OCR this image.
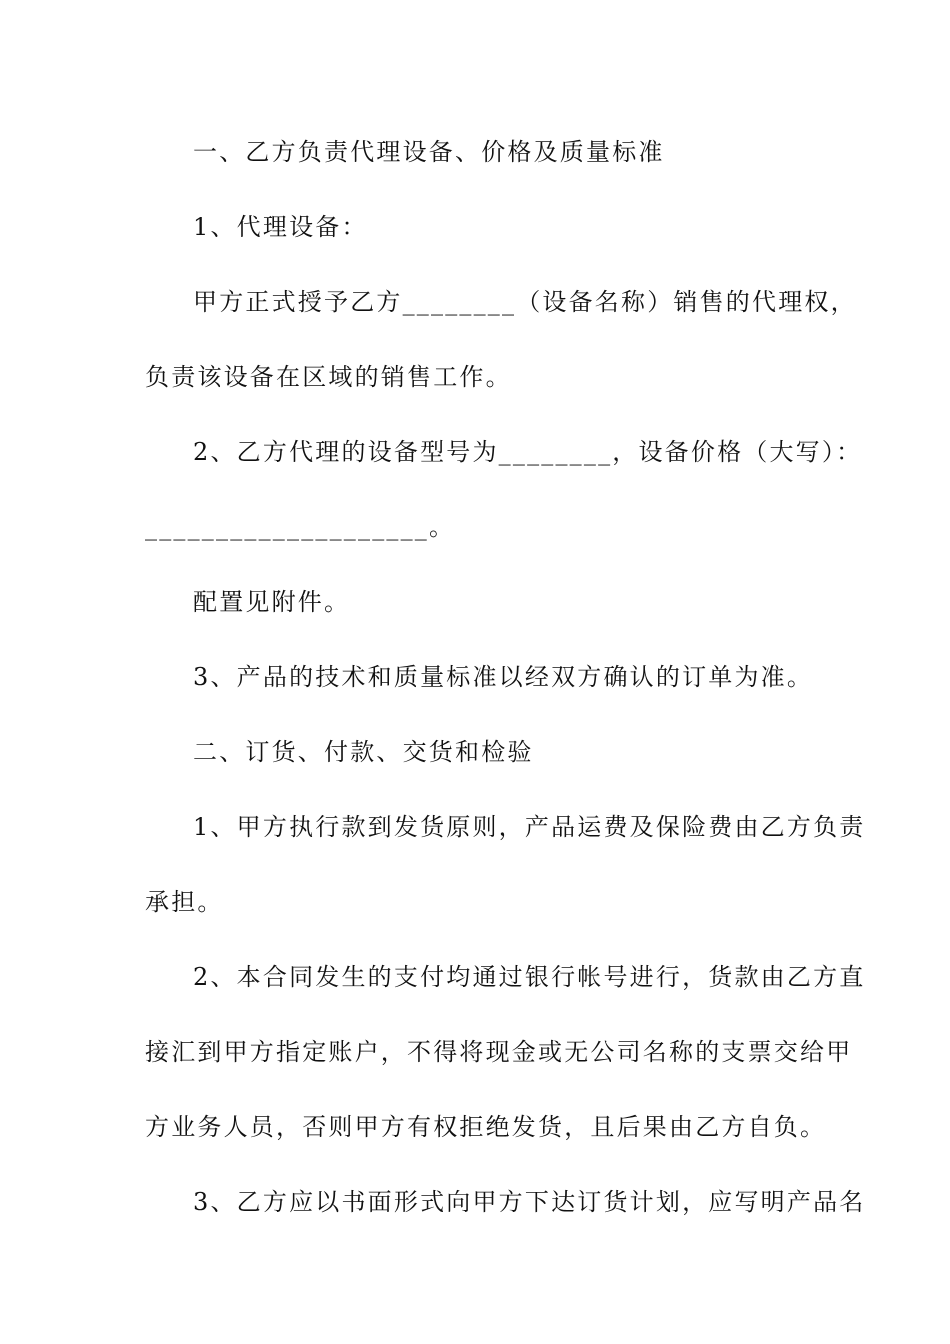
一、乙方负责代理设备、价格及质量标准
1、代理设备：
甲方正式授予乙方________（设备名称）销售的代理权，
负责该设备在区域的销售工作。
2、乙方代理的设备型号为________，设备价格（大写）：
____________________。
配置见附件。
3、产品的技术和质量标准以经双方确认的订单为准。
二、订货、付款、交货和检验
1、甲方执行款到发货原则，产品运费及保险费由乙方负责
承担。
2、本合同发生的支付均通过银行帐号进行，货款由乙方直
接汇到甲方指定账户，不得将现金或无公司名称的支票交给甲
方业务人员，否则甲方有权拒绝发货，且后果由乙方自负。
3、乙方应以书面形式向甲方下达订货计划，应写明产品名
